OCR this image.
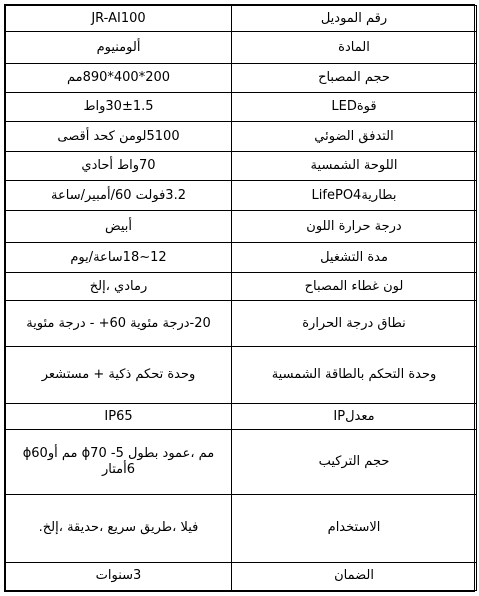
JR-AI100	رقم الموديل
ألومنيوم	المادة
200*400*890مم	حجم المصباح
30±1.5واط	قوةLED
5100لومن كحد أقصى	التدفق الضوئي
70واط أحادي	اللوحة الشمسية
3.2فولت 60/أمبير/ساعة	بطاريةLifePO4
أبيض	درجة حرارة اللون
12~18ساعة/يوم	مدة التشغيل
رمادي ،إلخ	لون غطاء المصباح
20-درجة مئوية 60+ - درجة مئوية	نطاق درجة الحرارة
وحدة تحكم ذكية + مستشعر	وحدة التحكم بالطاقة الشمسية
IP65	معدلIP
ϕ60مم أو ϕ70 مم ،عمود بطول 5-6أمتار	حجم التركيب
فيلا ،طريق سريع ،حديقة ،إلخ.	الاستخدام
3سنوات	الضمان
